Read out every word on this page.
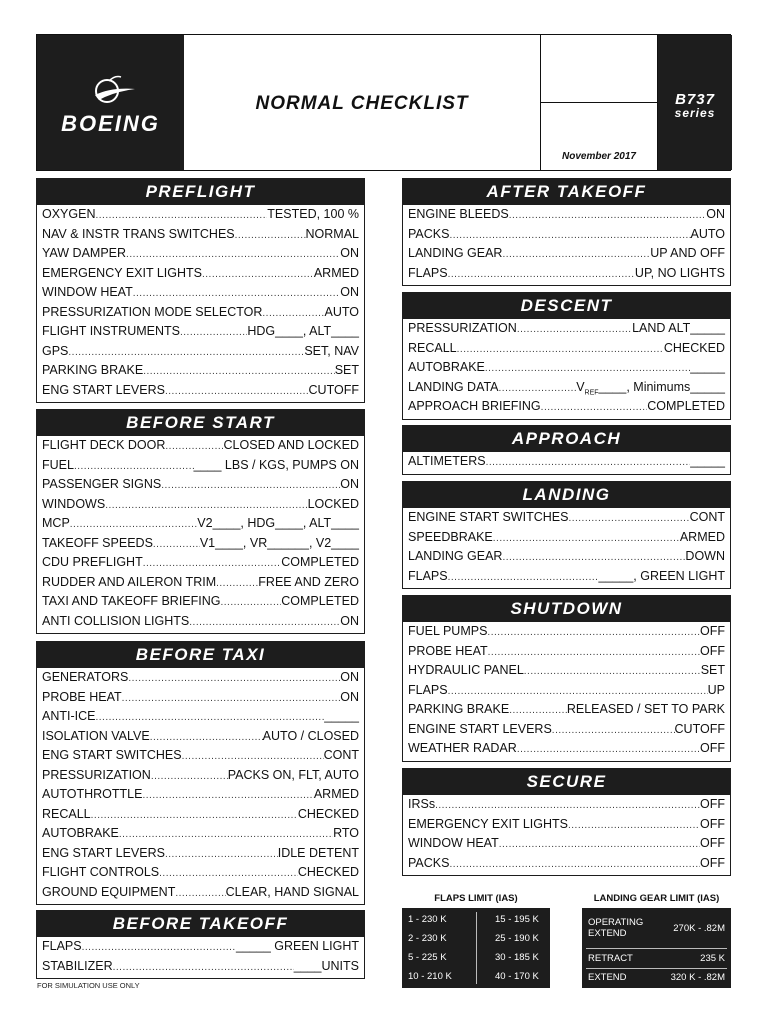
BOEING
NORMAL CHECKLIST
November 2017
B737
series
PREFLIGHT
OXYGEN .....	TESTED, 100 %
NAV & INSTR TRANS SWITCHES .....	NORMAL
YAW DAMPER .....	ON
EMERGENCY EXIT LIGHTS .....	ARMED
WINDOW HEAT .....	ON
PRESSURIZATION MODE SELECTOR .....	AUTO
FLIGHT INSTRUMENTS .....	HDG____, ALT____
GPS .....	SET, NAV
PARKING BRAKE .....	SET
ENG START LEVERS .....	CUTOFF
BEFORE START
FLIGHT DECK DOOR .....	CLOSED AND LOCKED
FUEL .....	____ LBS / KGS, PUMPS ON
PASSENGER SIGNS .....	ON
WINDOWS .....	LOCKED
MCP .....	V2____, HDG____, ALT____
TAKEOFF SPEEDS .....	V1____, VR______, V2____
CDU PREFLIGHT .....	COMPLETED
RUDDER AND AILERON TRIM .....	FREE AND ZERO
TAXI AND TAKEOFF BRIEFING .....	COMPLETED
ANTI COLLISION LIGHTS .....	ON
BEFORE TAXI
GENERATORS .....	ON
PROBE HEAT .....	ON
ANTI-ICE .....	_____
ISOLATION VALVE .....	AUTO / CLOSED
ENG START SWITCHES .....	CONT
PRESSURIZATION .....	PACKS ON, FLT, AUTO
AUTOTHROTTLE .....	ARMED
RECALL .....	CHECKED
AUTOBRAKE .....	RTO
ENG START LEVERS .....	IDLE DETENT
FLIGHT CONTROLS .....	CHECKED
GROUND EQUIPMENT .....	CLEAR, HAND SIGNAL
BEFORE TAKEOFF
FLAPS .....	_____ GREEN LIGHT
STABILIZER .....	____UNITS
AFTER TAKEOFF
ENGINE BLEEDS .....	ON
PACKS .....	AUTO
LANDING GEAR .....	UP AND OFF
FLAPS .....	UP, NO LIGHTS
DESCENT
PRESSURIZATION .....	LAND ALT_____
RECALL .....	CHECKED
AUTOBRAKE .....	_____
LANDING DATA .....	$V_{REF}\_\_\_\_$, Minimums_____
APPROACH BRIEFING .....	COMPLETED
APPROACH
ALTIMETERS .....	_____
LANDING
ENGINE START SWITCHES .....	CONT
SPEEDBRAKE .....	ARMED
LANDING GEAR .....	DOWN
FLAPS .....	_____, GREEN LIGHT
SHUTDOWN
FUEL PUMPS .....	OFF
PROBE HEAT .....	OFF
HYDRAULIC PANEL .....	SET
FLAPS .....	UP
PARKING BRAKE .....	RELEASED / SET TO PARK
ENGINE START LEVERS .....	CUTOFF
WEATHER RADAR .....	OFF
SECURE
IRSs .....	OFF
EMERGENCY EXIT LIGHTS .....	OFF
WINDOW HEAT .....	OFF
PACKS .....	OFF
FOR SIMULATION USE ONLY
FLAPS LIMIT (IAS)
1 - 230 K	15 - 195 K
2 - 230 K	25 - 190 K
5 - 225 K	30 - 185 K
10 - 210 K	40 - 170 K
LANDING GEAR LIMIT (IAS)
OPERATING
EXTEND	270K - .82M
RETRACT	235 K
EXTEND	320 K - .82M
